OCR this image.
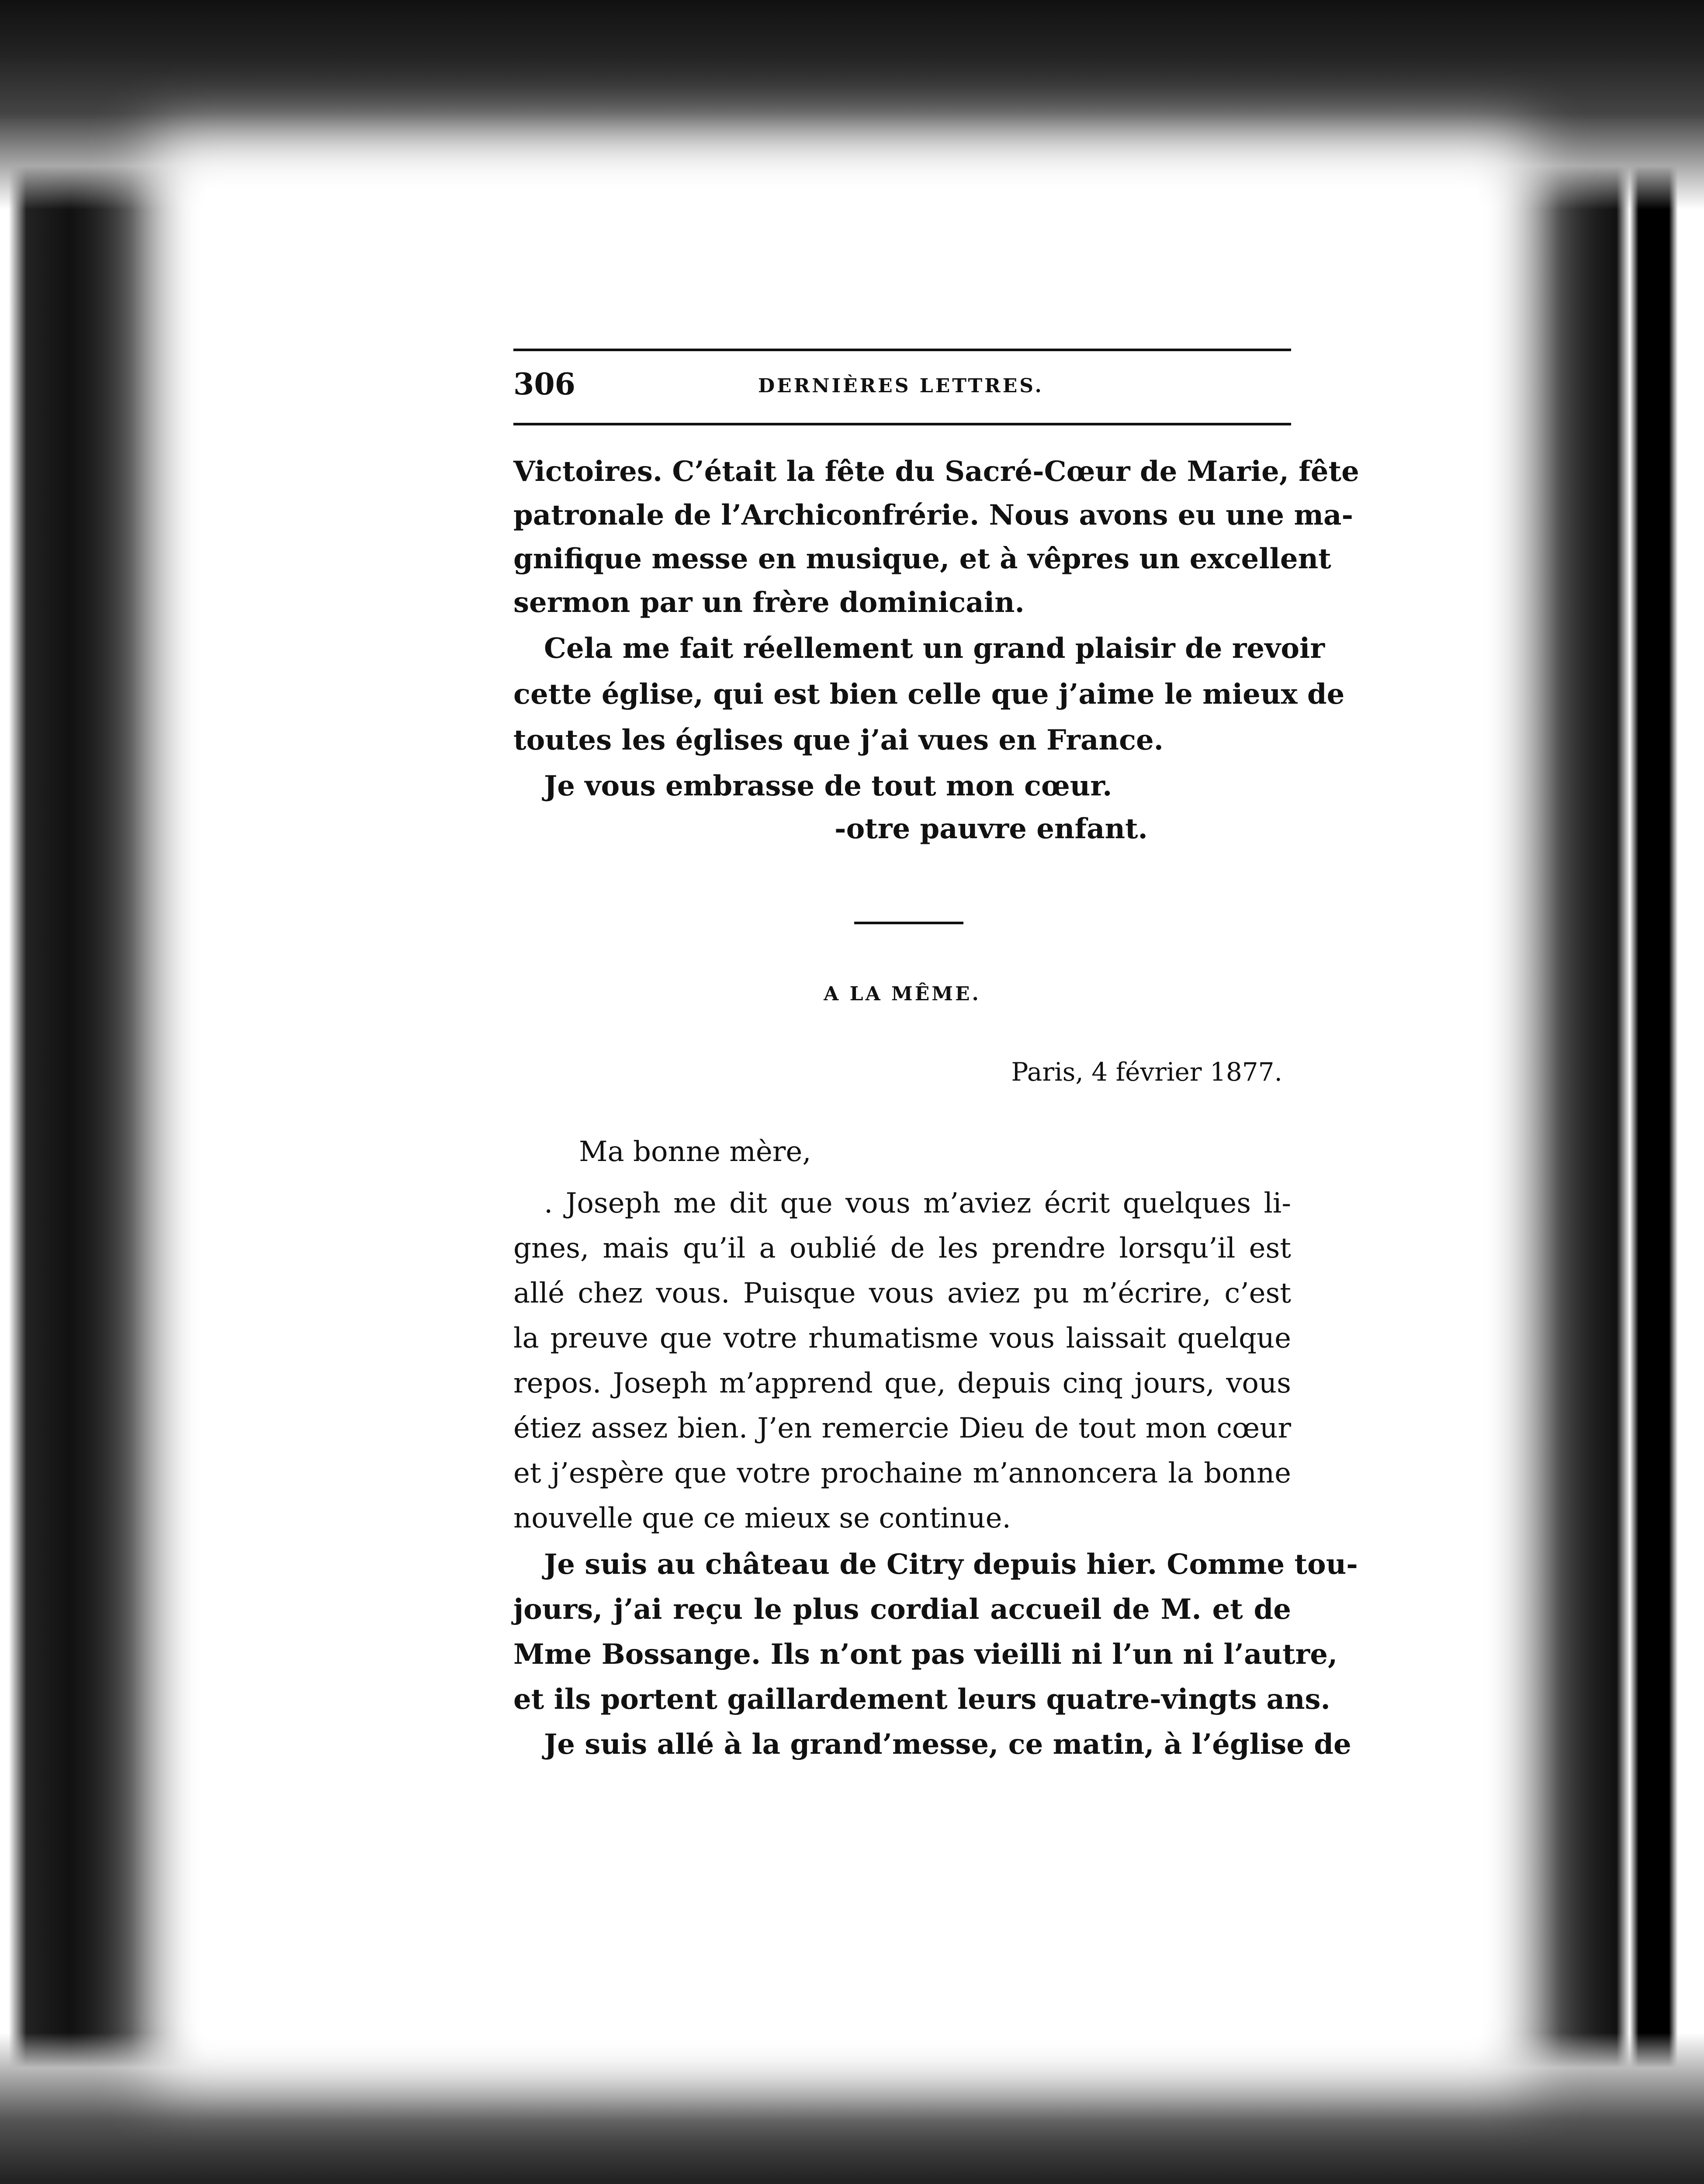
306	DERNIÈRES LETTRES.
Victoires. C’était la fête du Sacré-Cœur de Marie, fête
patronale de l’Archiconfrérie. Nous avons eu une ma-
gnifique messe en musique, et à vêpres un excellent
sermon par un frère dominicain.
Cela me fait réellement un grand plaisir de revoir
cette église, qui est bien celle que j’aime le mieux de
toutes les églises que j’ai vues en France.
Je vous embrasse de tout mon cœur.
-otre pauvre enfant.
A LA MÊME.
Paris, 4 février 1877.
Ma bonne mère,
. Joseph me dit que vous m’aviez écrit quelques li-
gnes, mais qu’il a oublié de les prendre lorsqu’il est
allé chez vous. Puisque vous aviez pu m’écrire, c’est
la preuve que votre rhumatisme vous laissait quelque
repos. Joseph m’apprend que, depuis cinq jours, vous
étiez assez bien. J’en remercie Dieu de tout mon cœur
et j’espère que votre prochaine m’annoncera la bonne
nouvelle que ce mieux se continue.
Je suis au château de Citry depuis hier. Comme tou-
jours, j’ai reçu le plus cordial accueil de M. et de
Mme Bossange. Ils n’ont pas vieilli ni l’un ni l’autre,
et ils portent gaillardement leurs quatre-vingts ans.
Je suis allé à la grand’messe, ce matin, à l’église de
